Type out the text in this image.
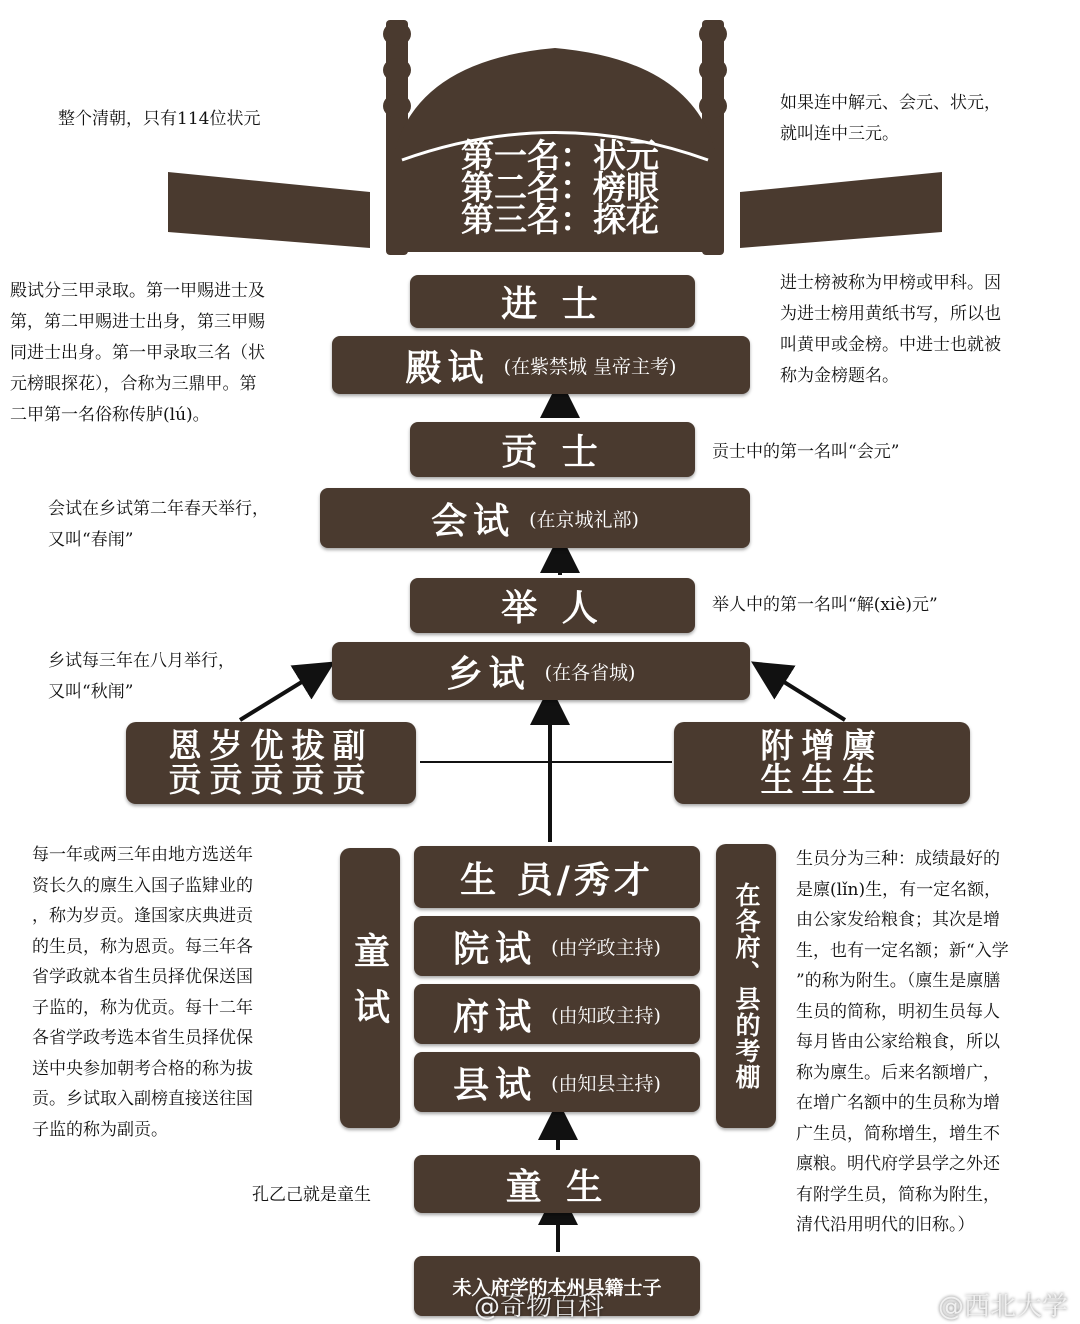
第一名：状元
第二名：榜眼
第三名：探花
整个清朝，只有114位状元
如果连中解元、会元、状元，
就叫连中三元。
殿试分三甲录取。第一甲赐进士及
第，第二甲赐进士出身，第三甲赐
同进士出身。第一甲录取三名（状
元榜眼探花），合称为三鼎甲。第
二甲第一名俗称传胪(lú)。
进士榜被称为甲榜或甲科。因
为进士榜用黄纸书写，所以也
叫黄甲或金榜。中进士也就被
称为金榜题名。
贡士中的第一名叫“会元”
会试在乡试第二年春天举行，
又叫“春闱”
举人中的第一名叫“解(xiè)元”
乡试每三年在八月举行，
又叫“秋闱”
每一年或两三年由地方选送年
资长久的廪生入国子监肄业的
，称为岁贡。逢国家庆典进贡
的生员，称为恩贡。每三年各
省学政就本省生员择优保送国
子监的，称为优贡。每十二年
各省学政考选本省生员择优保
送中央参加朝考合格的称为拔
贡。乡试取入副榜直接送往国
子监的称为副贡。
生员分为三种：成绩最好的
是廪(lǐn)生，有一定名额，
由公家发给粮食；其次是增
生，也有一定名额；新“入学
”的称为附生。（廪生是廪膳
生员的简称，明初生员每人
每月皆由公家给粮食，所以
称为廪生。后来名额增广，
在增广名额中的生员称为增
广生员，简称增生，增生不
廪粮。明代府学县学之外还
有附学生员，简称为附生，
清代沿用明代的旧称。）
孔乙己就是童生
进 士
殿试 (在紫禁城 皇帝主考)
贡 士
会试 (在京城礼部)
举 人
乡试 (在各省城)
恩岁优拔副
贡贡贡贡贡
附增廪
生生生
童试	在各府、县的考棚
生 员/秀才
院试 (由学政主持)
府试 (由知政主持)
县试 (由知县主持)
童 生
未入府学的本州县籍士子
@奇物百科	@西北大学
